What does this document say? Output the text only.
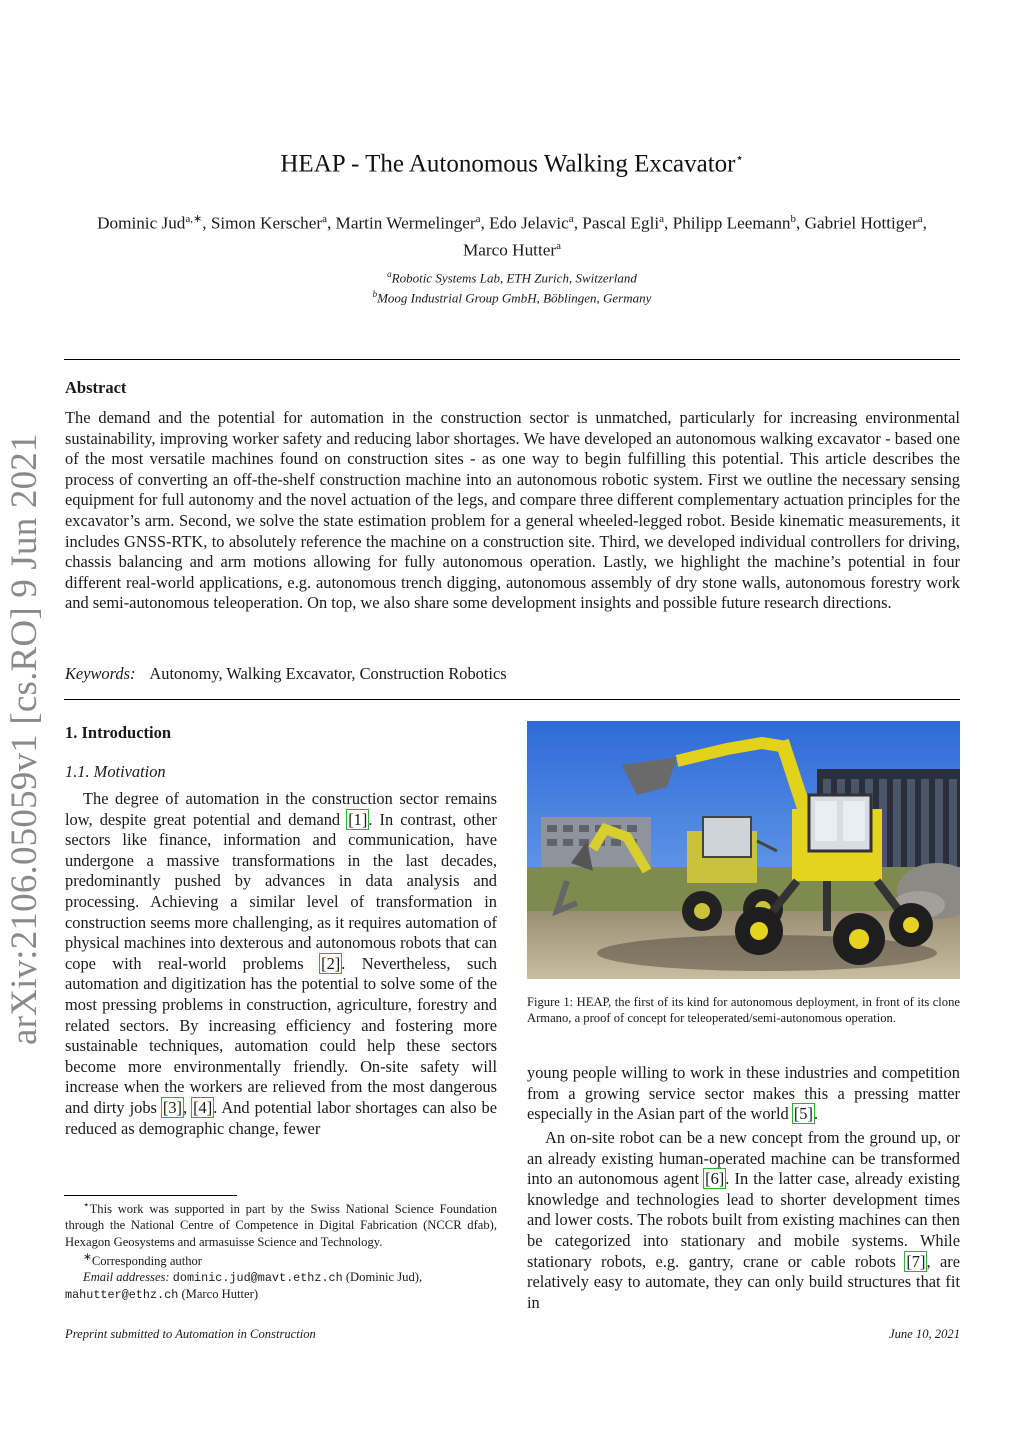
arXiv:2106.05059v1 [cs.RO] 9 Jun 2021
HEAP - The Autonomous Walking Excavator⋆
Dominic Jud$^{a,∗}$, Simon Kerscher$^a$, Martin Wermelinger$^a$, Edo Jelavic$^a$, Pascal Egli$^a$, Philipp Leemann$^b$, Gabriel Hottiger$^a$, Marco Hutter$^a$
$^a$Robotic Systems Lab, ETH Zurich, Switzerland
$^b$Moog Industrial Group GmbH, Böblingen, Germany
Abstract
The demand and the potential for automation in the construction sector is unmatched, particularly for increasing environmental sustainability, improving worker safety and reducing labor shortages. We have developed an autonomous walking excavator - based one of the most versatile machines found on construction sites - as one way to begin fulfilling this potential. This article describes the process of converting an off-the-shelf construction machine into an autonomous robotic system. First we outline the necessary sensing equipment for full autonomy and the novel actuation of the legs, and compare three different complementary actuation principles for the excavator’s arm. Second, we solve the state estimation problem for a general wheeled-legged robot. Beside kinematic measurements, it includes GNSS-RTK, to absolutely reference the machine on a construction site. Third, we developed individual controllers for driving, chassis balancing and arm motions allowing for fully autonomous operation. Lastly, we highlight the machine’s potential in four different real-world applications, e.g. autonomous trench digging, autonomous assembly of dry stone walls, autonomous forestry work and semi-autonomous teleoperation. On top, we also share some development insights and possible future research directions.
Keywords: Autonomy, Walking Excavator, Construction Robotics
1. Introduction
1.1. Motivation
The degree of automation in the construction sector remains low, despite great potential and demand [1]. In contrast, other sectors like finance, information and communication, have undergone a massive transformations in the last decades, predominantly pushed by advances in data analysis and processing. Achieving a similar level of transformation in construction seems more challenging, as it requires automation of physical machines into dexterous and autonomous robots that can cope with real-world problems [2]. Nevertheless, such automation and digitization has the potential to solve some of the most pressing problems in construction, agriculture, forestry and related sectors. By increasing efficiency and fostering more sustainable techniques, automation could help these sectors become more environmentally friendly. On-site safety will increase when the workers are relieved from the most dangerous and dirty jobs [3], [4]. And potential labor shortages can also be reduced as demographic change, fewer

⋆This work was supported in part by the Swiss National Science Foundation through the National Centre of Competence in Digital Fabrication (NCCR dfab), Hexagon Geosystems and armasuisse Science and Technology.

∗Corresponding author

Email addresses: dominic.jud@mavt.ethz.ch (Dominic Jud),

mahutter@ethz.ch (Marco Hutter)

Figure 1: HEAP, the first of its kind for autonomous deployment, in front of its clone Armano, a proof of concept for teleoperated/semi-autonomous operation.
young people willing to work in these industries and competition from a growing service sector makes this a pressing matter especially in the Asian part of the world [5].
An on-site robot can be a new concept from the ground up, or an already existing human-operated machine can be transformed into an autonomous agent [6]. In the latter case, already existing knowledge and technologies lead to shorter development times and lower costs. The robots built from existing machines can then be categorized into stationary and mobile systems. While stationary robots, e.g. gantry, crane or cable robots [7], are relatively easy to automate, they can only build structures that fit in
Preprint submitted to Automation in Construction	June 10, 2021
